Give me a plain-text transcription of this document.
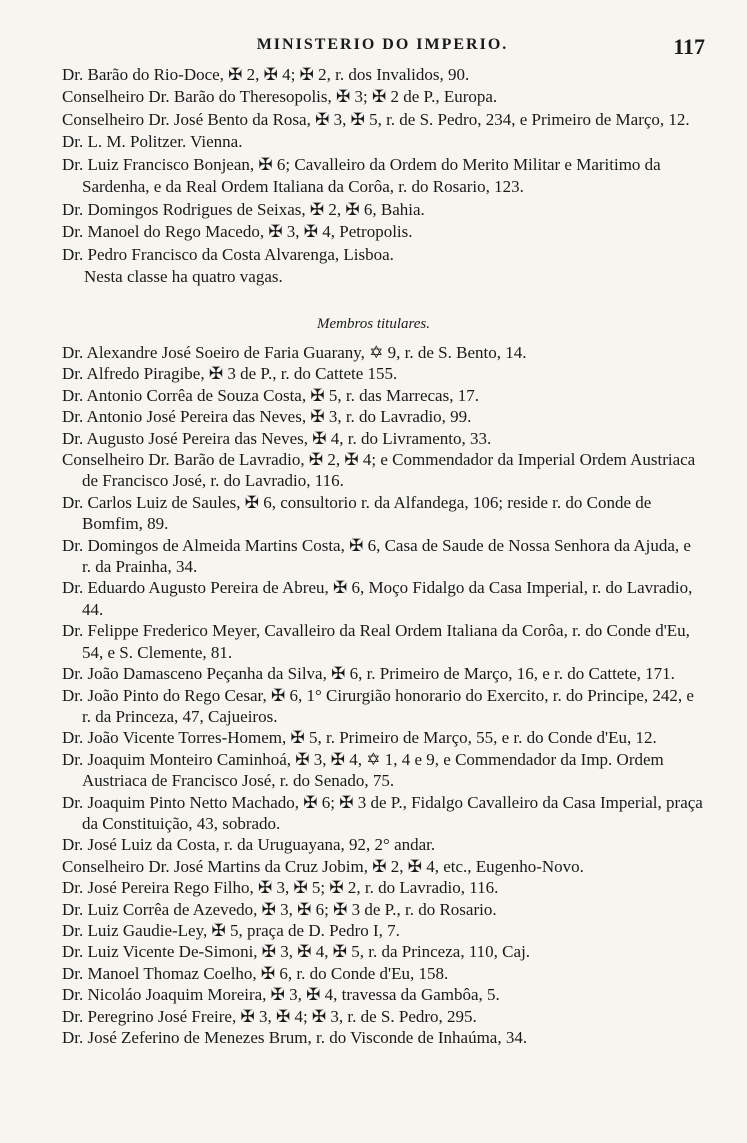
MINISTERIO DO IMPERIO.	117

Dr. Barão do Rio-Doce, ✠ 2, ✠ 4; ✠ 2, r. dos Invalidos, 90.

Conselheiro Dr. Barão do Theresopolis, ✠ 3; ✠ 2 de P., Europa.

Conselheiro Dr. José Bento da Rosa, ✠ 3, ✠ 5, r. de S. Pedro, 234, e Primeiro de Março, 12.

Dr. L. M. Politzer. Vienna.

Dr. Luiz Francisco Bonjean, ✠ 6; Cavalleiro da Ordem do Merito Militar e Maritimo da Sardenha, e da Real Ordem Italiana da Corôa, r. do Rosario, 123.

Dr. Domingos Rodrigues de Seixas, ✠ 2, ✠ 6, Bahia.

Dr. Manoel do Rego Macedo, ✠ 3, ✠ 4, Petropolis.

Dr. Pedro Francisco da Costa Alvarenga, Lisboa.

Nesta classe ha quatro vagas.

Membros titulares.

Dr. Alexandre José Soeiro de Faria Guarany, ✡ 9, r. de S. Bento, 14.

Dr. Alfredo Piragibe, ✠ 3 de P., r. do Cattete 155.

Dr. Antonio Corrêa de Souza Costa, ✠ 5, r. das Marrecas, 17.

Dr. Antonio José Pereira das Neves, ✠ 3, r. do Lavradio, 99.

Dr. Augusto José Pereira das Neves, ✠ 4, r. do Livramento, 33.

Conselheiro Dr. Barão de Lavradio, ✠ 2, ✠ 4; e Commendador da Imperial Ordem Austriaca de Francisco José, r. do Lavradio, 116.

Dr. Carlos Luiz de Saules, ✠ 6, consultorio r. da Alfandega, 106; reside r. do Conde de Bomfim, 89.

Dr. Domingos de Almeida Martins Costa, ✠ 6, Casa de Saude de Nossa Senhora da Ajuda, e r. da Prainha, 34.

Dr. Eduardo Augusto Pereira de Abreu, ✠ 6, Moço Fidalgo da Casa Imperial, r. do Lavradio, 44.

Dr. Felippe Frederico Meyer, Cavalleiro da Real Ordem Italiana da Corôa, r. do Conde d'Eu, 54, e S. Clemente, 81.

Dr. João Damasceno Peçanha da Silva, ✠ 6, r. Primeiro de Março, 16, e r. do Cattete, 171.

Dr. João Pinto do Rego Cesar, ✠ 6, 1° Cirurgião honorario do Exercito, r. do Principe, 242, e r. da Princeza, 47, Cajueiros.

Dr. João Vicente Torres-Homem, ✠ 5, r. Primeiro de Março, 55, e r. do Conde d'Eu, 12.

Dr. Joaquim Monteiro Caminhoá, ✠ 3, ✠ 4, ✡ 1, 4 e 9, e Commendador da Imp. Ordem Austriaca de Francisco José, r. do Senado, 75.

Dr. Joaquim Pinto Netto Machado, ✠ 6; ✠ 3 de P., Fidalgo Cavalleiro da Casa Imperial, praça da Constituição, 43, sobrado.

Dr. José Luiz da Costa, r. da Uruguayana, 92, 2° andar.

Conselheiro Dr. José Martins da Cruz Jobim, ✠ 2, ✠ 4, etc., Eugenho-Novo.

Dr. José Pereira Rego Filho, ✠ 3, ✠ 5; ✠ 2, r. do Lavradio, 116.

Dr. Luiz Corrêa de Azevedo, ✠ 3, ✠ 6; ✠ 3 de P., r. do Rosario.

Dr. Luiz Gaudie-Ley, ✠ 5, praça de D. Pedro I, 7.

Dr. Luiz Vicente De-Simoni, ✠ 3, ✠ 4, ✠ 5, r. da Princeza, 110, Caj.

Dr. Manoel Thomaz Coelho, ✠ 6, r. do Conde d'Eu, 158.

Dr. Nicoláo Joaquim Moreira, ✠ 3, ✠ 4, travessa da Gambôa, 5.

Dr. Peregrino José Freire, ✠ 3, ✠ 4; ✠ 3, r. de S. Pedro, 295.

Dr. José Zeferino de Menezes Brum, r. do Visconde de Inhaúma, 34.
